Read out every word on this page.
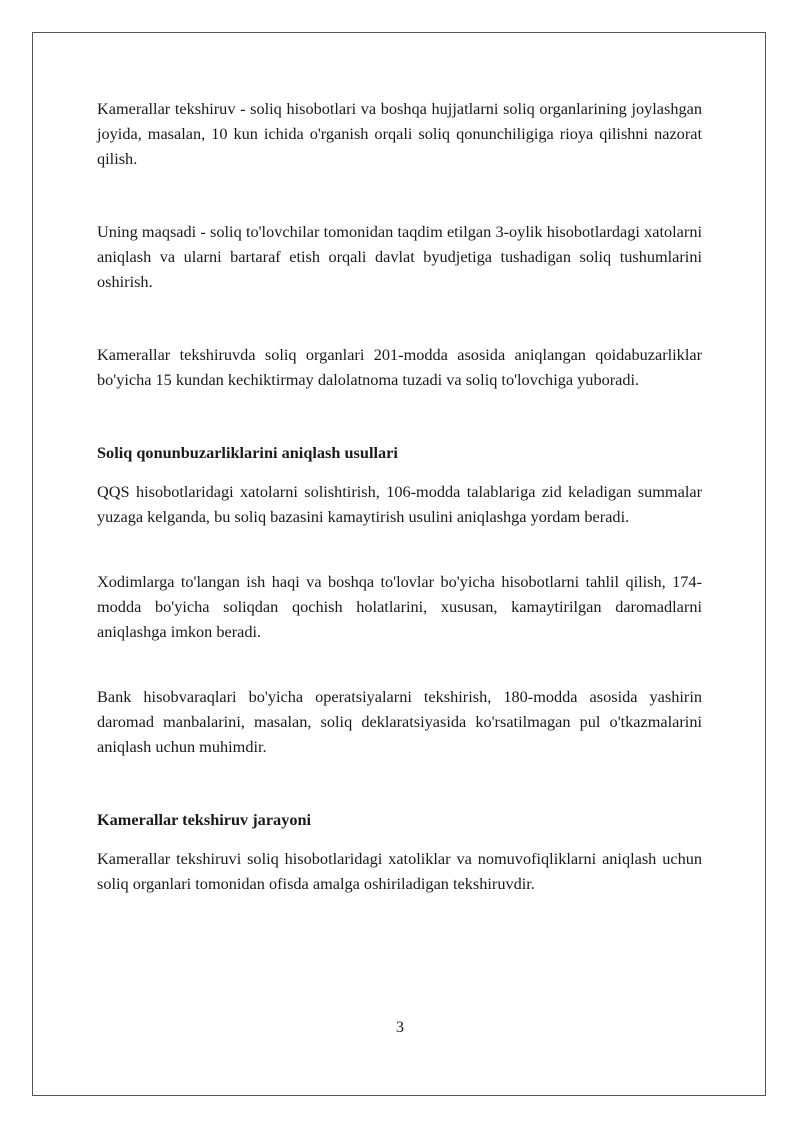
Kamerallar tekshiruv - soliq hisobotlari va boshqa hujjatlarni soliq organlarining joylashgan joyida, masalan, 10 kun ichida o'rganish orqali soliq qonunchiligiga rioya qilishni nazorat qilish.

Uning maqsadi - soliq to'lovchilar tomonidan taqdim etilgan 3-oylik hisobotlardagi xatolarni aniqlash va ularni bartaraf etish orqali davlat byudjetiga tushadigan soliq tushumlarini oshirish.

Kamerallar tekshiruvda soliq organlari 201-modda asosida aniqlangan qoidabuzarliklar bo'yicha 15 kundan kechiktirmay dalolatnoma tuzadi va soliq to'lovchiga yuboradi.

Soliq qonunbuzarliklarini aniqlash usullari

QQS hisobotlaridagi xatolarni solishtirish, 106-modda talablariga zid keladigan summalar yuzaga kelganda, bu soliq bazasini kamaytirish usulini aniqlashga yordam beradi.

Xodimlarga to'langan ish haqi va boshqa to'lovlar bo'yicha hisobotlarni tahlil qilish, 174-modda bo'yicha soliqdan qochish holatlarini, xususan, kamaytirilgan daromadlarni aniqlashga imkon beradi.

Bank hisobvaraqlari bo'yicha operatsiyalarni tekshirish, 180-modda asosida yashirin daromad manbalarini, masalan, soliq deklaratsiyasida ko'rsatilmagan pul o'tkazmalarini aniqlash uchun muhimdir.

Kamerallar tekshiruv jarayoni

Kamerallar tekshiruvi soliq hisobotlaridagi xatoliklar va nomuvofiqliklarni aniqlash uchun soliq organlari tomonidan ofisda amalga oshiriladigan tekshiruvdir.

3
